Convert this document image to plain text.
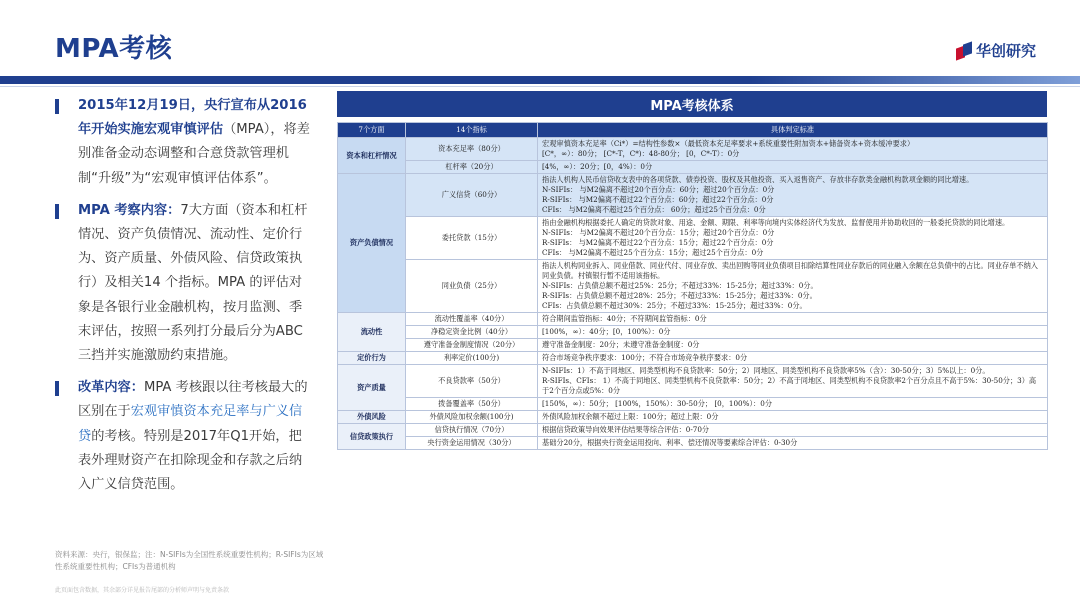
MPA考核	华创研究
2015年12月19日，央行宣布从2016年开始实施宏观审慎评估（MPA），将差别准备金动态调整和合意贷款管理机制“升级”为“宏观审慎评估体系”。
MPA 考察内容：7大方面（资本和杠杆情况、资产负债情况、流动性、定价行为、资产质量、外债风险、信贷政策执行）及相关14 个指标。MPA 的评估对象是各银行业金融机构，按月监测、季末评估，按照一系列打分最后分为ABC 三挡并实施激励约束措施。
改革内容：MPA 考核跟以往考核最大的区别在于宏观审慎资本充足率与广义信贷的考核。特别是2017年Q1开始，把表外理财资产在扣除现金和存款之后纳入广义信贷范围。
资料来源：央行，银保监；注：N-SIFIs为全国性系统重要性机构；R-SIFIs为区域性系统重要性机构；CFIs为普通机构
此页面包含数据，其余部分详见报告尾部的分析师声明与免责条款
MPA考核体系
7个方面	14个指标	具体判定标准
资本和杠杆情况	资本充足率（80分）	宏观审慎资本充足率（Ci*）=结构性参数×（最低资本充足率要求+系统重要性附加资本+储备资本+资本缓冲要求）
[C*，∞）：80分； [C*-T，C*)：48-80分； [0，C*-T）：0分

	杠杆率（20分）	[4%，∞）：20分；[0，4%）：0分
资产负债情况	广义信贷（60分）	指法人机构人民币信贷收支表中的各项贷款、债券投资、股权及其他投资、买入返售资产、存放非存款类金融机构款项金额的同比增速。
N-SIFIs： 与M2偏离不超过20个百分点：60分；超过20个百分点：0分
R-SIFIs： 与M2偏离不超过22个百分点：60分；超过22个百分点：0分
CFIs： 与M2偏离不超过25个百分点： 60分；超过25个百分点：0分

	委托贷款（15分）	指由金融机构根据委托人确定的贷款对象、用途、金额、期限、利率等向境内实体经济代为发放、监督使用并协助收回的一般委托贷款的同比增速。
N-SIFIs： 与M2偏离不超过20个百分点：15分；超过20个百分点：0分
R-SIFIs： 与M2偏离不超过22个百分点：15分；超过22个百分点：0分
CFIs： 与M2偏离不超过25个百分点：15分；超过25个百分点：0分

	同业负债（25分）	指法人机构同业拆入、同业借款、同业代付、同业存放、卖出回购等同业负债项目扣除结算性同业存款后的同业融入余额在总负债中的占比。同业存单不纳入同业负债。村镇银行暂不适用该指标。
N-SIFIs：占负债总额不超过25%：25分；不超过33%：15-25分；超过33%：0分。
R-SIFIs：占负债总额不超过28%：25分；不超过33%：15-25分；超过33%：0分。
CFIs：占负债总额不超过30%：25分；不超过33%：15-25分；超过33%：0分。

流动性	流动性覆盖率（40分）	符合期间监管指标：40分；不符期间监管指标：0分
	净稳定资金比例（40分）	[100%，∞）：40分；[0，100%）：0分
	遵守准备金制度情况（20分）	遵守准备金制度：20分；未遵守准备金制度：0分
定价行为	利率定价(100分)	符合市场竞争秩序要求：100分；不符合市场竞争秩序要求：0分
资产质量	不良贷款率（50分）	N-SIFIs：1）不高于同地区、同类型机构不良贷款率：50分；2）同地区、同类型机构不良贷款率5%（含）：30-50分；3）5%以上：0分。
R-SIFIs、CFIs： 1）不高于同地区、同类型机构不良贷款率：50分；2）不高于同地区、同类型机构不良贷款率2个百分点且不高于5%：30-50分；3）高于2个百分点或5%：0分

	拨备覆盖率（50分）	[150%，∞）：50分； [100%，150%）：30-50分； [0，100%）：0分
外债风险	外债风险加权余额(100分)	外债风险加权余额不超过上限：100分；超过上限：0分
信贷政策执行	信贷执行情况（70分）	根据信贷政策导向效果评估结果等综合评估：0-70分
	央行资金运用情况（30分）	基础分20分，根据央行资金运用投向、利率、偿还情况等要素综合评估：0-30分
